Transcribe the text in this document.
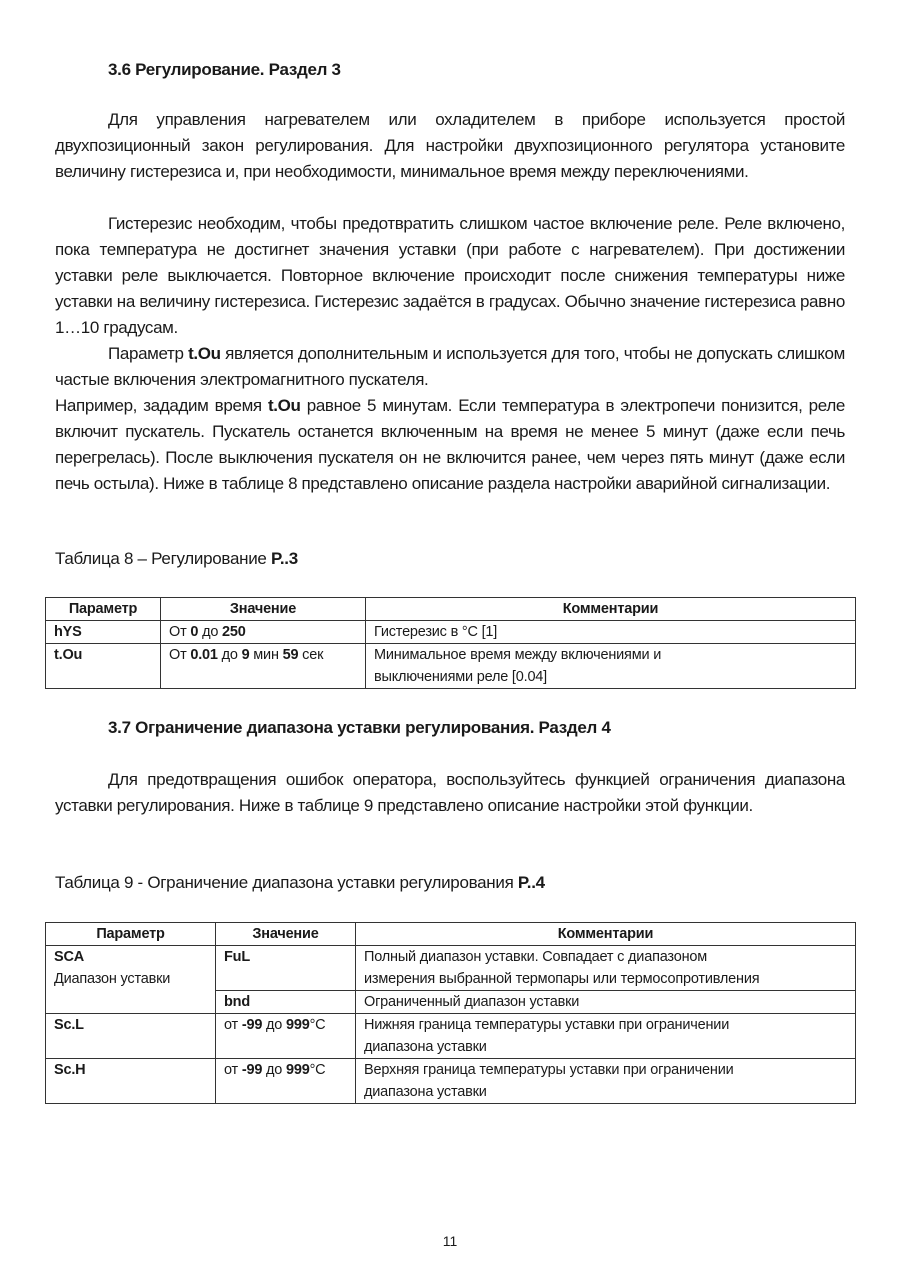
3.6 Регулирование. Раздел 3

Для управления нагревателем или охладителем в приборе используется простой двухпозиционный закон регулирования. Для настройки двухпозиционного регулятора установите величину гистерезиса и, при необходимости, минимальное время между переключениями.

Гистерезис необходим, чтобы предотвратить слишком частое включение реле. Реле включено, пока температура не достигнет значения уставки (при работе с нагревателем). При достижении уставки реле выключается. Повторное включение происходит после снижения температуры ниже уставки на величину гистерезиса. Гистерезис задаётся в градусах. Обычно значение гистерезиса равно 1…10 градусам.

Параметр t.Ou является дополнительным и используется для того, чтобы не допускать слишком частые включения электромагнитного пускателя.

Например, зададим время t.Ou равное 5 минутам. Если температура в электропечи понизится, реле включит пускатель. Пускатель останется включенным на время не менее 5 минут (даже если печь перегрелась). После выключения пускателя он не включится ранее, чем через пять минут (даже если печь остыла). Ниже в таблице 8 представлено описание раздела настройки аварийной сигнализации.

Таблица 8 – Регулирование P..3
Параметр	Значение	Комментарии
hYS	От 0 до 250	Гистерезис в °C [1]
t.Ou	От 0.01 до 9 мин 59 сек	Минимальное время между включениями и
выключениями реле [0.04]
3.7 Ограничение диапазона уставки регулирования. Раздел 4

Для предотвращения ошибок оператора, воспользуйтесь функцией ограничения диапазона уставки регулирования. Ниже в таблице 9 представлено описание настройки этой функции.

Таблица 9 - Ограничение диапазона уставки регулирования P..4
Параметр	Значение	Комментарии
SCA
Диапазон уставки	FuL	Полный диапазон уставки. Совпадает с диапазоном
измерения выбранной термопары или термосопротивления
	bnd	Ограниченный диапазон уставки
Sc.L	от -99 до 999°C	Нижняя граница температуры уставки при ограничении
диапазона уставки
Sc.H	от -99 до 999°C	Верхняя граница температуры уставки при ограничении
диапазона уставки
11
